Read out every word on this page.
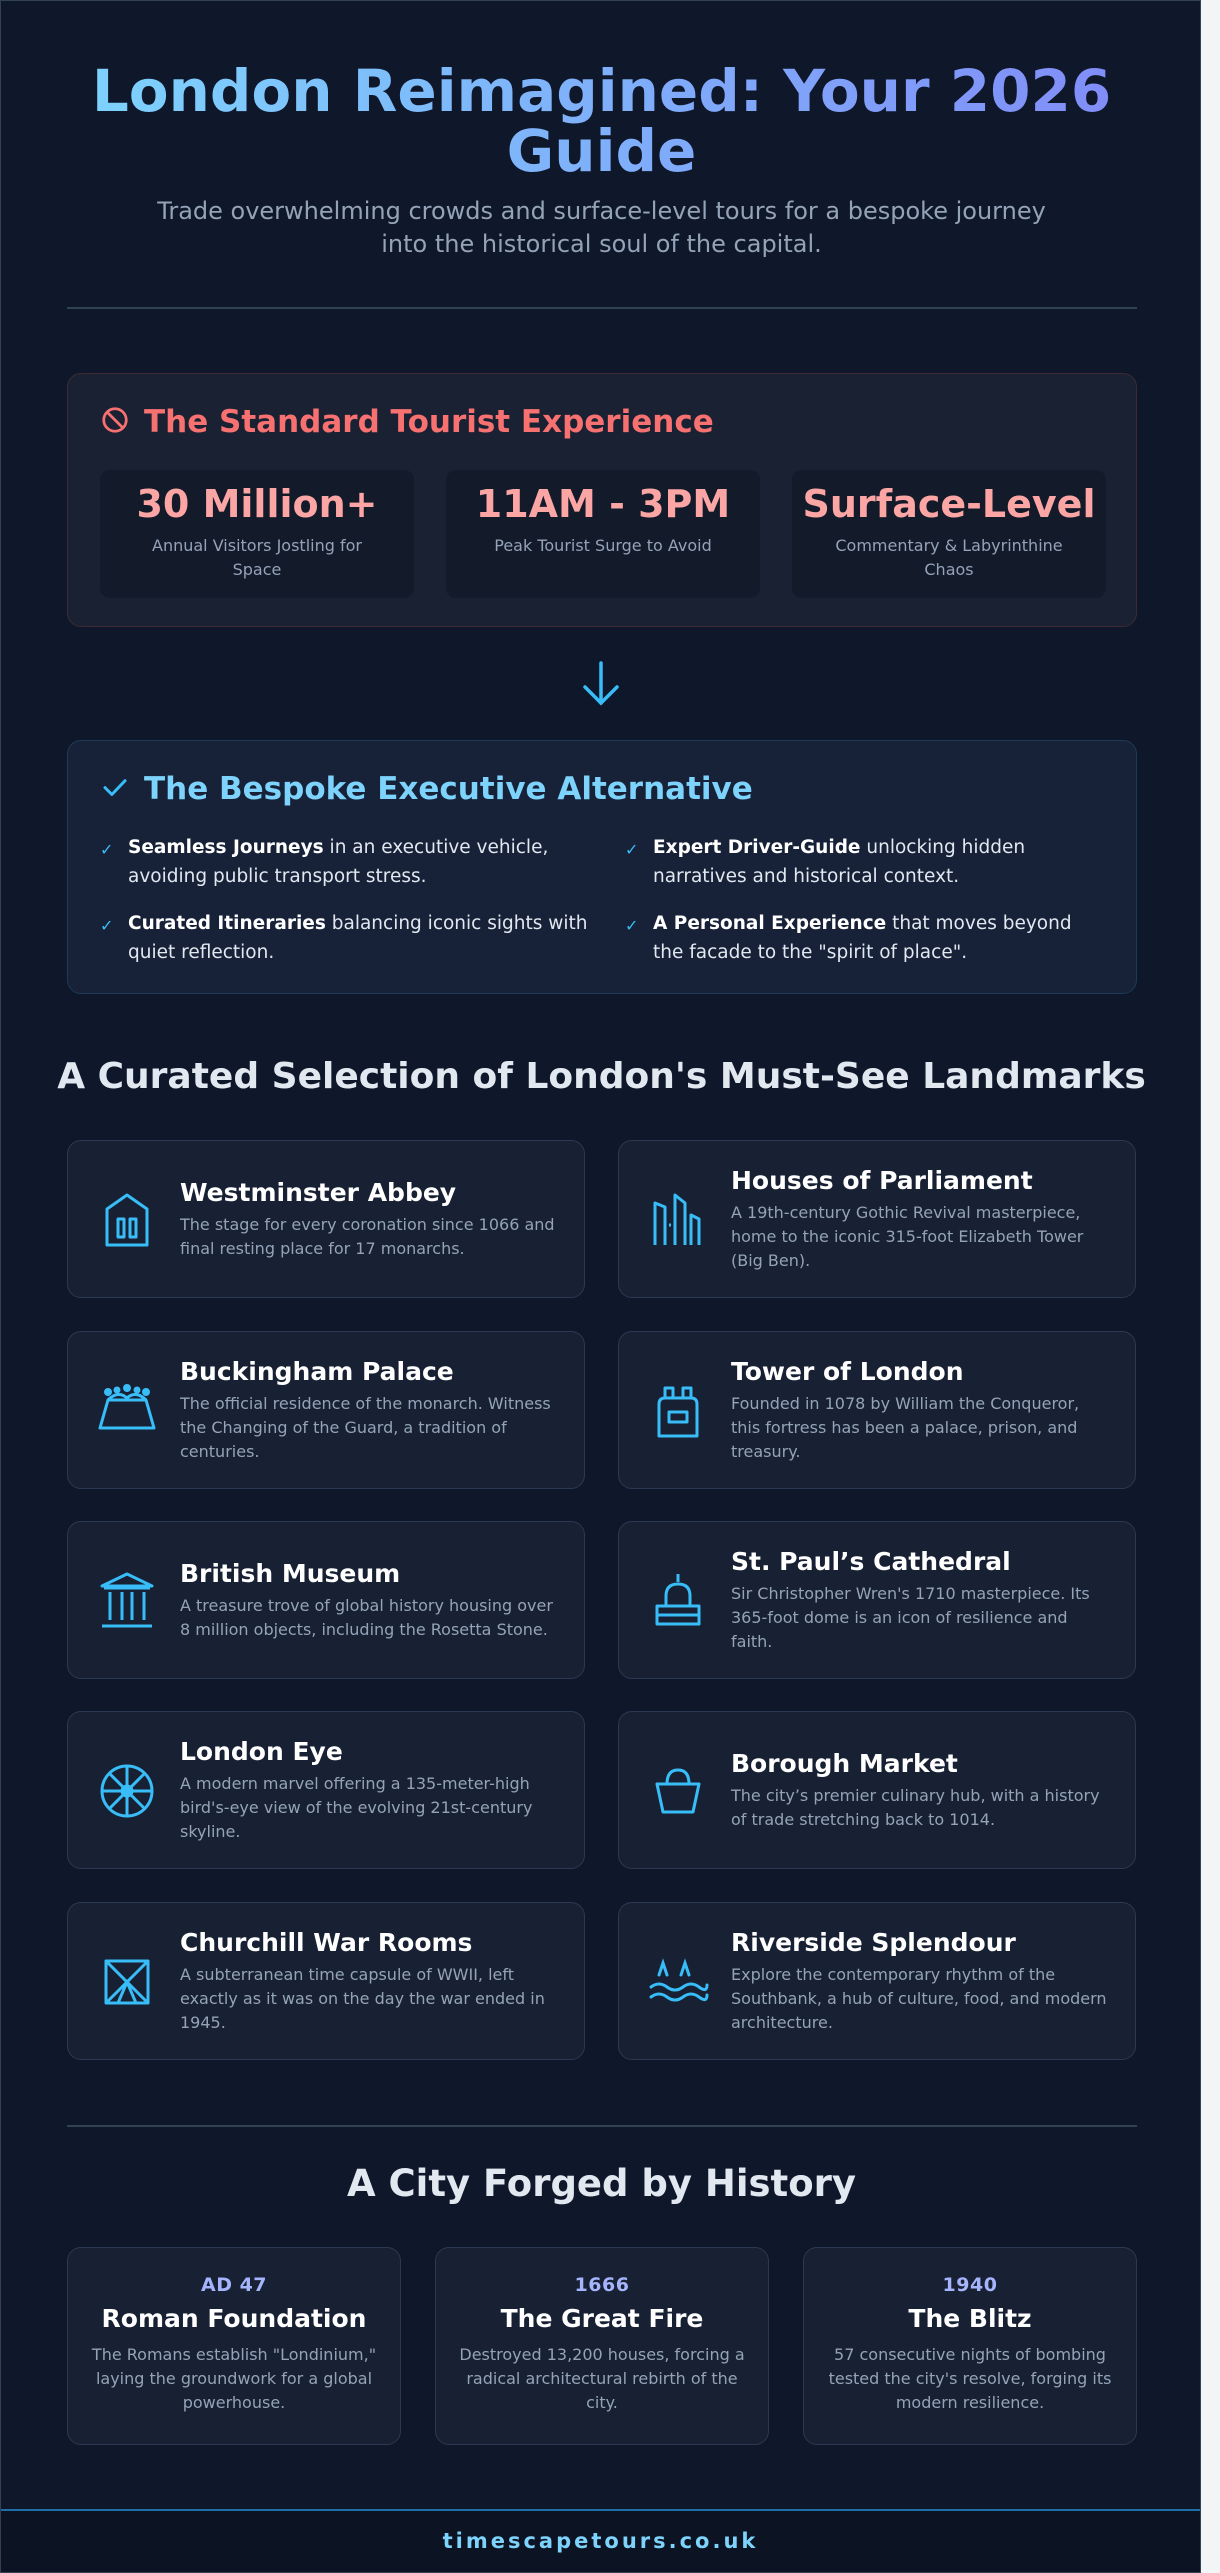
London Reimagined: Your 2026 Guide

Trade overwhelming crowds and surface-level tours for a bespoke journey into the historical soul of the capital.

The Standard Tourist Experience
30 Million+
Annual Visitors Jostling for Space
11AM - 3PM
Peak Tourist Surge to Avoid
Surface-Level
Commentary & Labyrinthine Chaos
The Bespoke Executive Alternative
✓ Seamless Journeys in an executive vehicle, avoiding public transport stress.
✓ Expert Driver-Guide unlocking hidden narratives and historical context.
✓ Curated Itineraries balancing iconic sights with quiet reflection.
✓ A Personal Experience that moves beyond the facade to the "spirit of place".
A Curated Selection of London's Must-See Landmarks
Westminster Abbey
The stage for every coronation since 1066 and final resting place for 17 monarchs.
Houses of Parliament
A 19th-century Gothic Revival masterpiece, home to the iconic 315-foot Elizabeth Tower (Big Ben).
Buckingham Palace
The official residence of the monarch. Witness the Changing of the Guard, a tradition of centuries.
Tower of London
Founded in 1078 by William the Conqueror, this fortress has been a palace, prison, and treasury.
British Museum
A treasure trove of global history housing over 8 million objects, including the Rosetta Stone.
St. Paul’s Cathedral
Sir Christopher Wren's 1710 masterpiece. Its 365-foot dome is an icon of resilience and faith.
London Eye
A modern marvel offering a 135-meter-high bird's-eye view of the evolving 21st-century skyline.
Borough Market
The city’s premier culinary hub, with a history of trade stretching back to 1014.
Churchill War Rooms
A subterranean time capsule of WWII, left exactly as it was on the day the war ended in 1945.
Riverside Splendour
Explore the contemporary rhythm of the Southbank, a hub of culture, food, and modern architecture.
A City Forged by History
AD 47
Roman Foundation
The Romans establish "Londinium," laying the groundwork for a global powerhouse.
1666
The Great Fire
Destroyed 13,200 houses, forcing a radical architectural rebirth of the city.
1940
The Blitz
57 consecutive nights of bombing tested the city's resolve, forging its modern resilience.
timescapetours.co.uk
